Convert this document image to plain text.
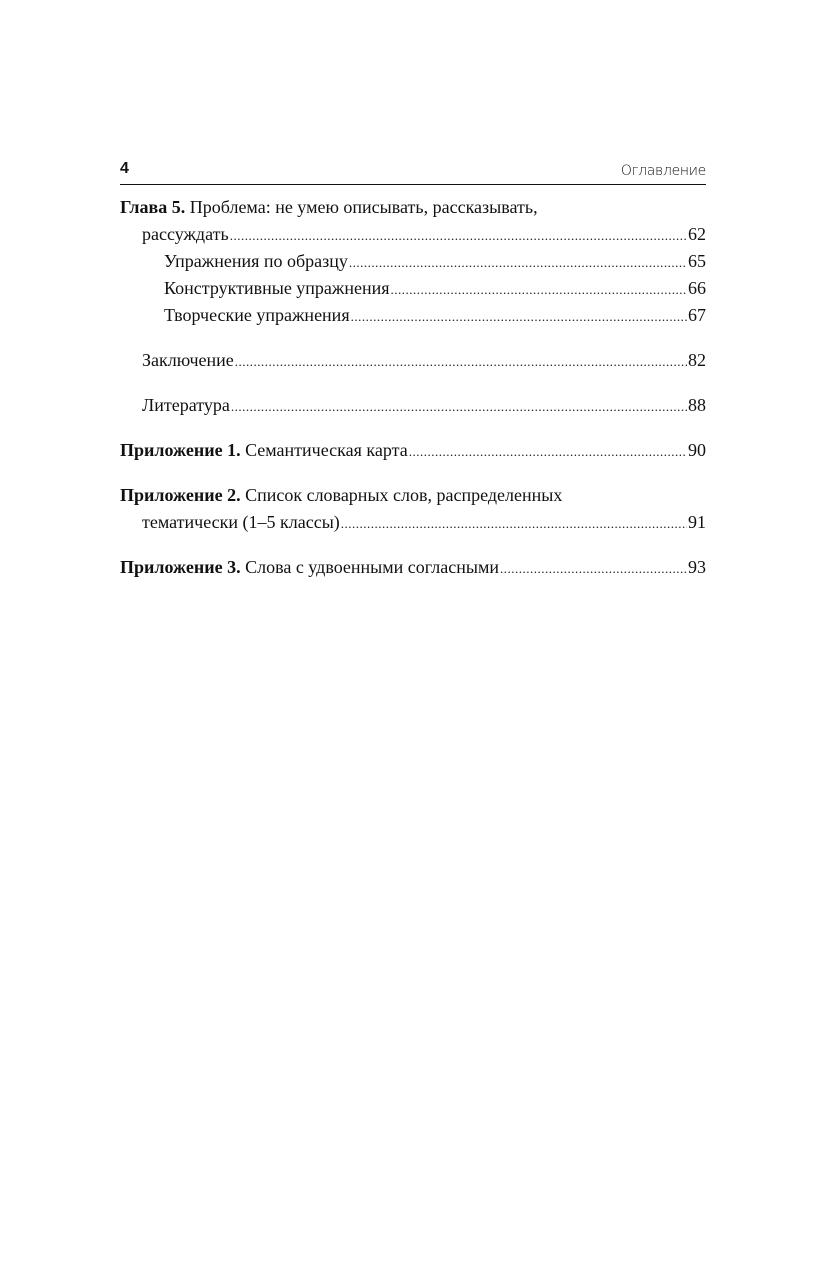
4	Оглавление
Глава 5. Проблема: не умею описывать, рассказывать,
рассуждать .....	62
Упражнения по образцу .....	65
Конструктивные упражнения .....	66
Творческие упражнения .....	67
Заключение .....	82
Литература .....	88
Приложение 1. Семантическая карта .....	90
Приложение 2. Список словарных слов, распределенных
тематически (1–5 классы) .....	91
Приложение 3. Слова с удвоенными согласными .....	93
